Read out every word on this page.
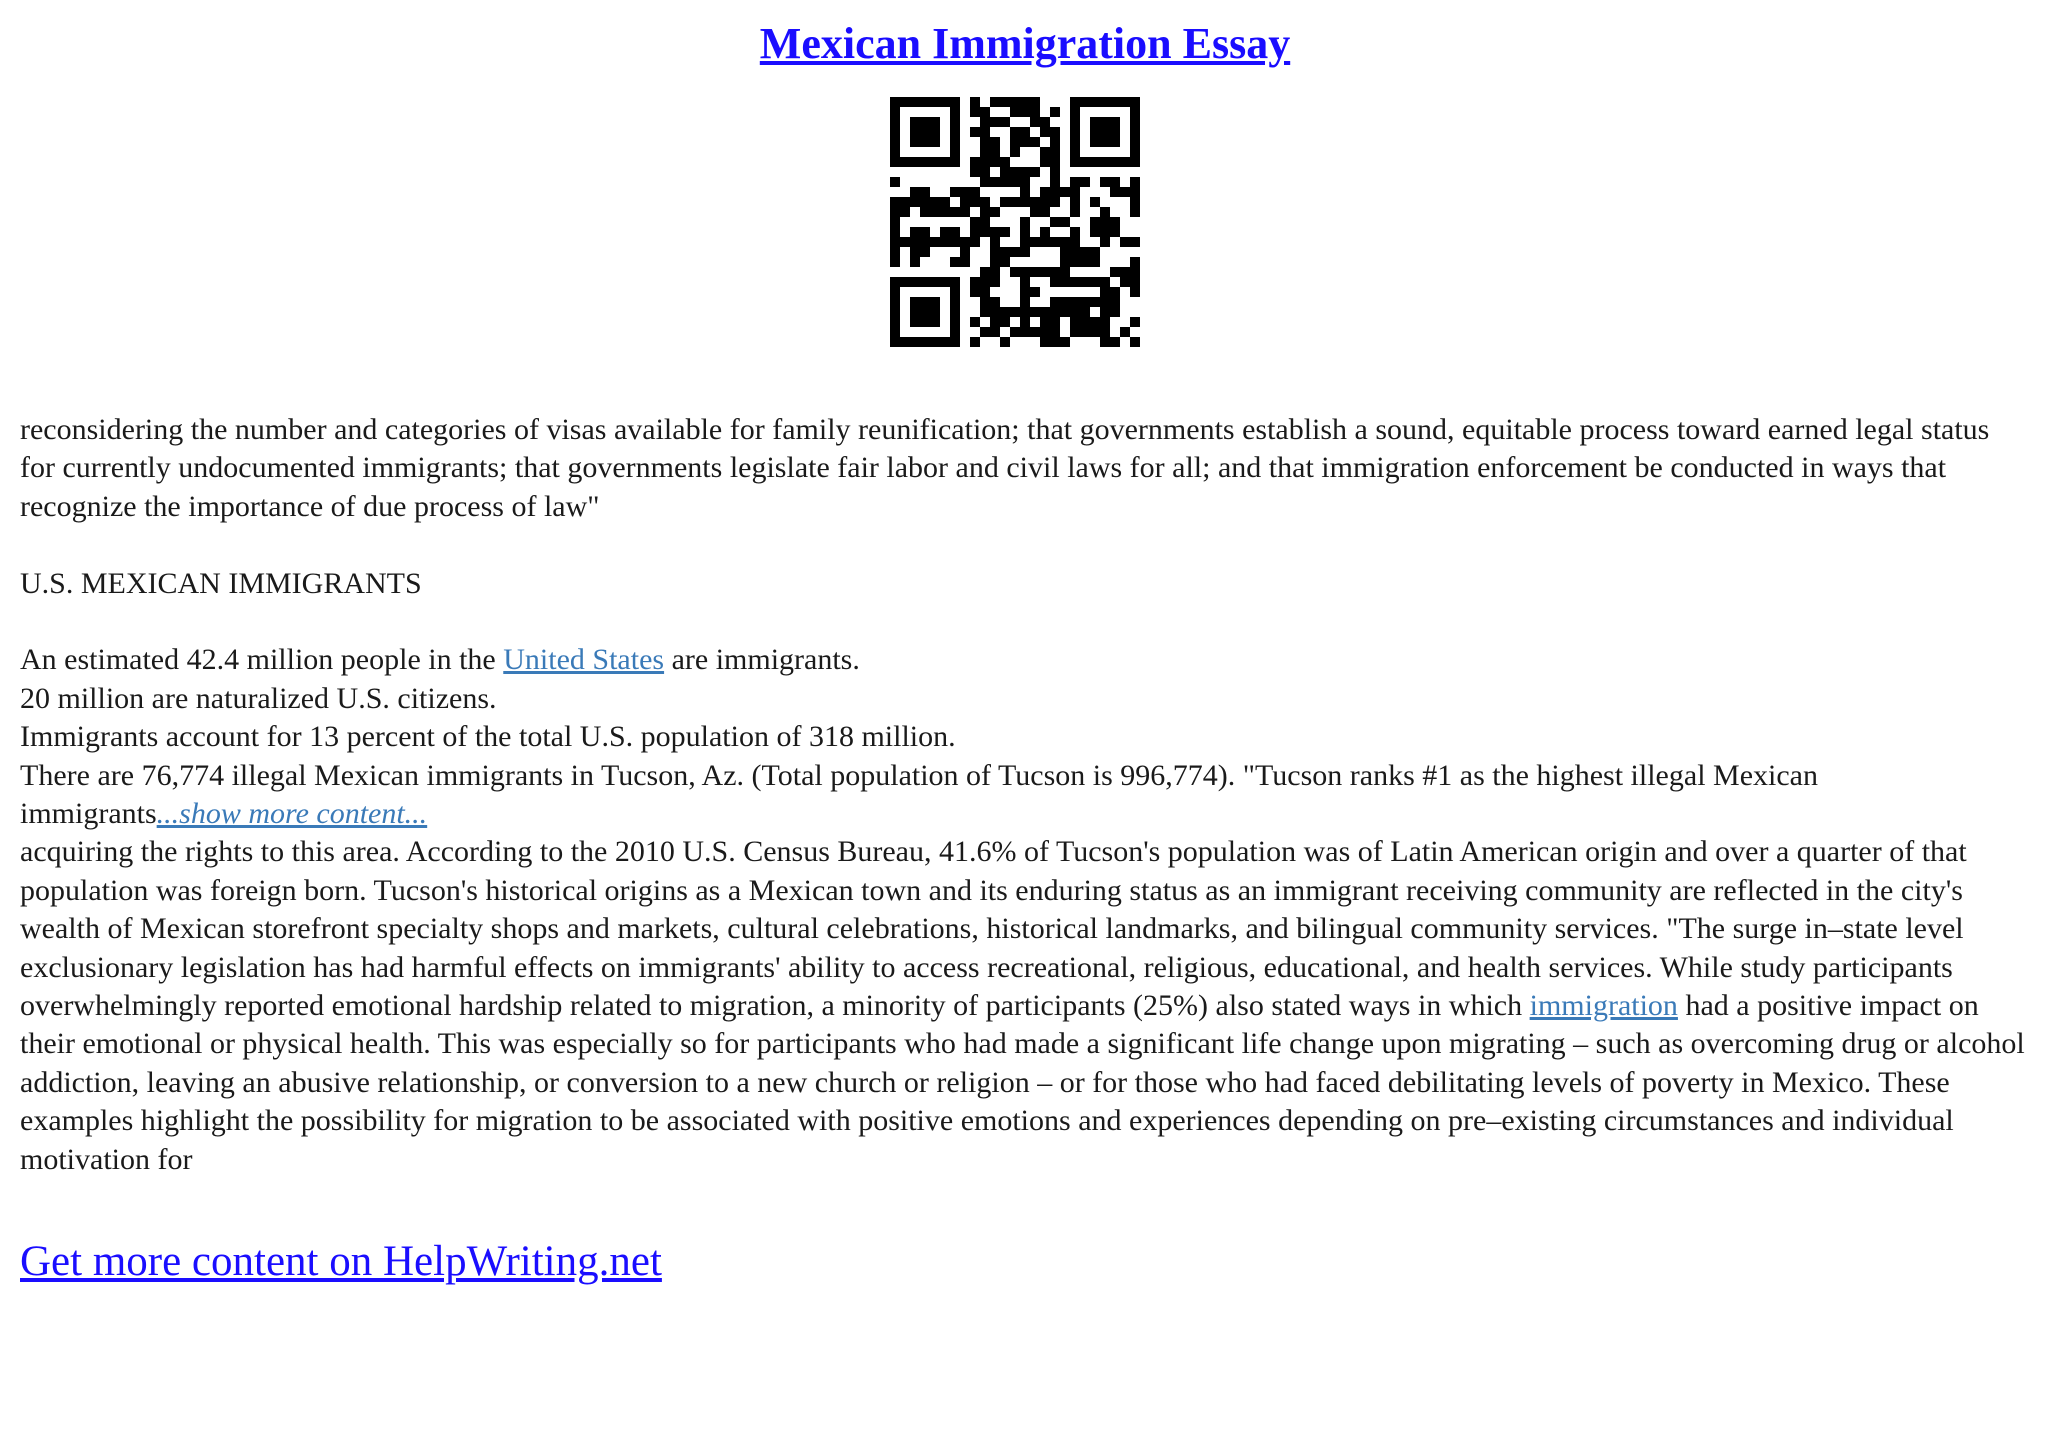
Mexican Immigration Essay

reconsidering the number and categories of visas available for family reunification; that governments establish a sound, equitable process toward earned legal status for currently undocumented immigrants; that governments legislate fair labor and civil laws for all; and that immigration enforcement be conducted in ways that recognize the importance of due process of law"

U.S. MEXICAN IMMIGRANTS

An estimated 42.4 million people in the United States are immigrants.

20 million are naturalized U.S. citizens.

Immigrants account for 13 percent of the total U.S. population of 318 million.

There are 76,774 illegal Mexican immigrants in Tucson, Az. (Total population of Tucson is 996,774). "Tucson ranks #1 as the highest illegal Mexican immigrants...show more content...

acquiring the rights to this area. According to the 2010 U.S. Census Bureau, 41.6% of Tucson's population was of Latin American origin and over a quarter of that population was foreign born. Tucson's historical origins as a Mexican town and its enduring status as an immigrant receiving community are reflected in the city's wealth of Mexican storefront specialty shops and markets, cultural celebrations, historical landmarks, and bilingual community services. "The surge in–state level exclusionary legislation has had harmful effects on immigrants' ability to access recreational, religious, educational, and health services. While study participants overwhelmingly reported emotional hardship related to migration, a minority of participants (25%) also stated ways in which immigration had a positive impact on their emotional or physical health. This was especially so for participants who had made a significant life change upon migrating – such as overcoming drug or alcohol addiction, leaving an abusive relationship, or conversion to a new church or religion – or for those who had faced debilitating levels of poverty in Mexico. These examples highlight the possibility for migration to be associated with positive emotions and experiences depending on pre–existing circumstances and individual motivation for

Get more content on HelpWriting.net
